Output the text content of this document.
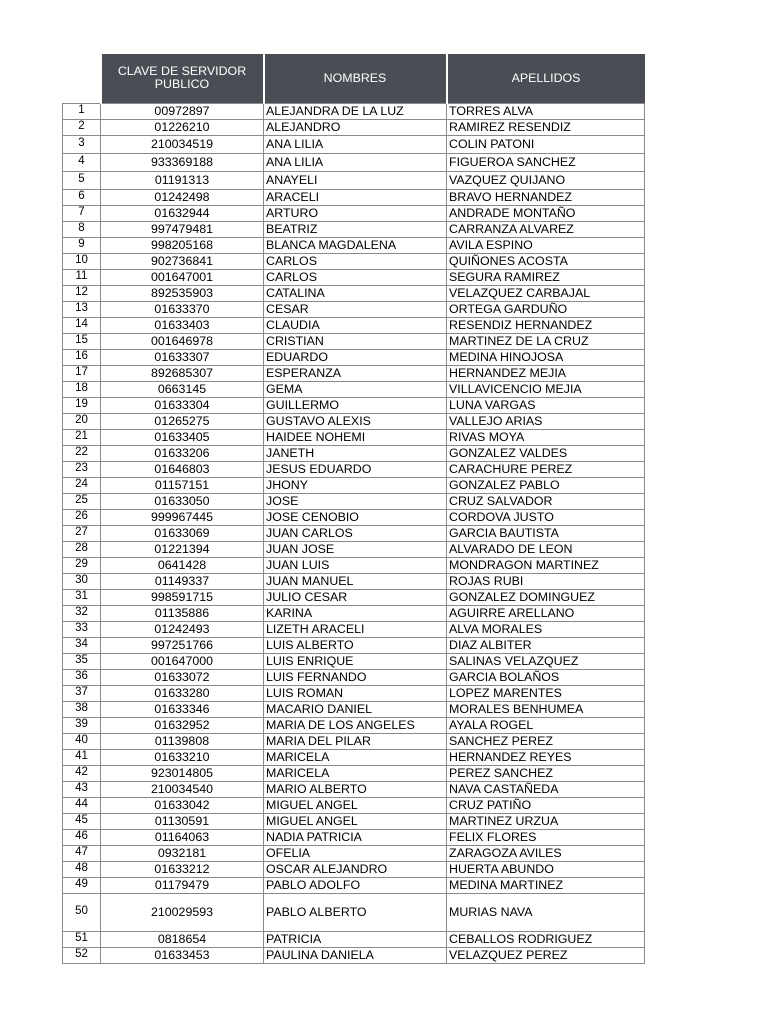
	CLAVE DE SERVIDOR PUBLICO	NOMBRES	APELLIDOS
1	00972897	ALEJANDRA DE LA LUZ	TORRES ALVA
2	01226210	ALEJANDRO	RAMIREZ RESENDIZ
3	210034519	ANA LILIA	COLIN PATONI
4	933369188	ANA LILIA	FIGUEROA SANCHEZ
5	01191313	ANAYELI	VAZQUEZ QUIJANO
6	01242498	ARACELI	BRAVO HERNANDEZ
7	01632944	ARTURO	ANDRADE MONTAÑO
8	997479481	BEATRIZ	CARRANZA ALVAREZ
9	998205168	BLANCA MAGDALENA	AVILA ESPINO
10	902736841	CARLOS	QUIÑONES ACOSTA
11	001647001	CARLOS	SEGURA RAMIREZ
12	892535903	CATALINA	VELAZQUEZ CARBAJAL
13	01633370	CESAR	ORTEGA GARDUÑO
14	01633403	CLAUDIA	RESENDIZ HERNANDEZ
15	001646978	CRISTIAN	MARTINEZ DE LA CRUZ
16	01633307	EDUARDO	MEDINA HINOJOSA
17	892685307	ESPERANZA	HERNANDEZ MEJIA
18	0663145	GEMA	VILLAVICENCIO MEJIA
19	01633304	GUILLERMO	LUNA VARGAS
20	01265275	GUSTAVO ALEXIS	VALLEJO ARIAS
21	01633405	HAIDEE NOHEMI	RIVAS MOYA
22	01633206	JANETH	GONZALEZ VALDES
23	01646803	JESUS EDUARDO	CARACHURE PEREZ
24	01157151	JHONY	GONZALEZ PABLO
25	01633050	JOSE	CRUZ SALVADOR
26	999967445	JOSE CENOBIO	CORDOVA JUSTO
27	01633069	JUAN CARLOS	GARCIA BAUTISTA
28	01221394	JUAN JOSE	ALVARADO DE LEON
29	0641428	JUAN LUIS	MONDRAGON MARTINEZ
30	01149337	JUAN MANUEL	ROJAS RUBI
31	998591715	JULIO CESAR	GONZALEZ DOMINGUEZ
32	01135886	KARINA	AGUIRRE ARELLANO
33	01242493	LIZETH ARACELI	ALVA MORALES
34	997251766	LUIS ALBERTO	DIAZ ALBITER
35	001647000	LUIS ENRIQUE	SALINAS VELAZQUEZ
36	01633072	LUIS FERNANDO	GARCIA BOLAÑOS
37	01633280	LUIS ROMAN	LOPEZ MARENTES
38	01633346	MACARIO DANIEL	MORALES BENHUMEA
39	01632952	MARIA DE LOS ANGELES	AYALA ROGEL
40	01139808	MARIA DEL PILAR	SANCHEZ PEREZ
41	01633210	MARICELA	HERNANDEZ REYES
42	923014805	MARICELA	PEREZ SANCHEZ
43	210034540	MARIO ALBERTO	NAVA CASTAÑEDA
44	01633042	MIGUEL ANGEL	CRUZ PATIÑO
45	01130591	MIGUEL ANGEL	MARTINEZ URZUA
46	01164063	NADIA PATRICIA	FELIX FLORES
47	0932181	OFELIA	ZARAGOZA AVILES
48	01633212	OSCAR ALEJANDRO	HUERTA ABUNDO
49	01179479	PABLO ADOLFO	MEDINA MARTINEZ
50	210029593	PABLO ALBERTO	MURIAS NAVA
51	0818654	PATRICIA	CEBALLOS RODRIGUEZ
52	01633453	PAULINA DANIELA	VELAZQUEZ PEREZ
